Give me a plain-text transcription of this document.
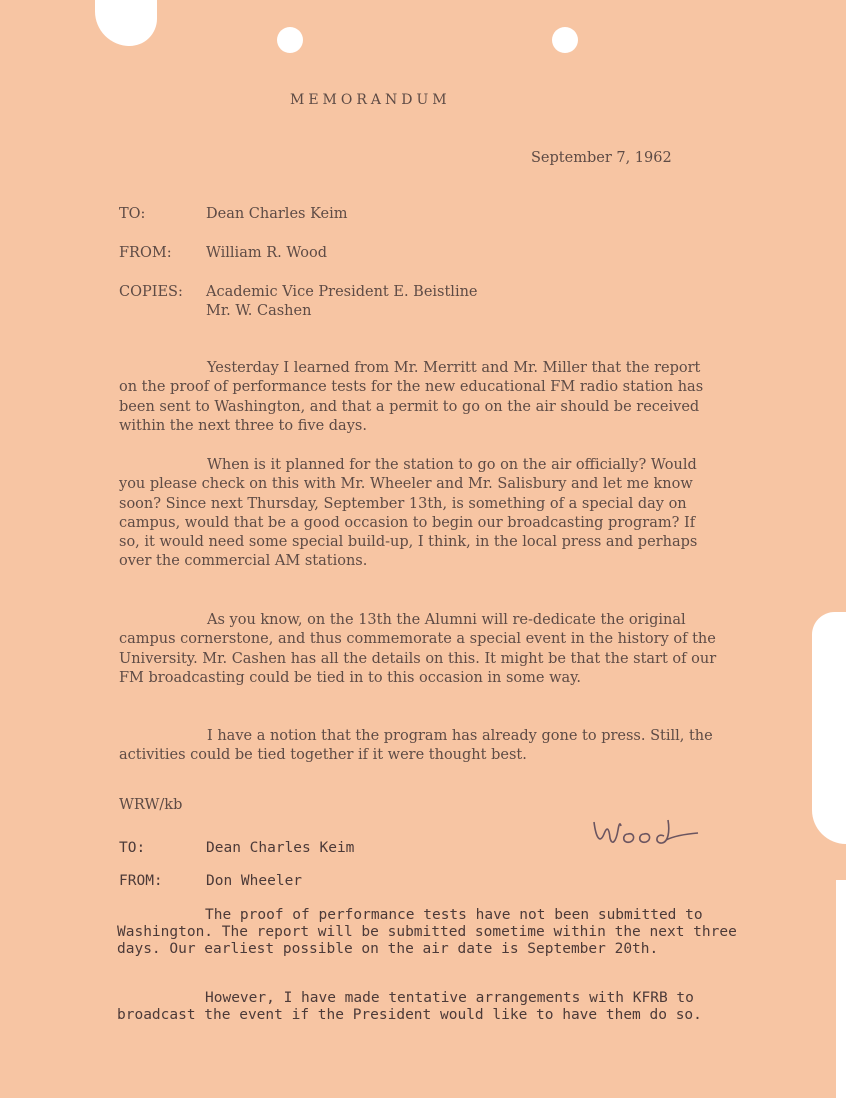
MEMORANDUM
September 7, 1962
TO:	Dean Charles Keim
FROM: William R. Wood
COPIES: Academic Vice President E. Beistline
Mr. W. Cashen
Yesterday I learned from Mr. Merritt and Mr. Miller that the report on the proof of performance tests for the new educational FM radio station has been sent to Washington, and that a permit to go on the air should be received within the next three to five days.
When is it planned for the station to go on the air officially? Would you please check on this with Mr. Wheeler and Mr. Salisbury and let me know soon? Since next Thursday, September 13th, is something of a special day on campus, would that be a good occasion to begin our broadcasting program? If so, it would need some special build-up, I think, in the local press and perhaps over the commercial AM stations.
As you know, on the 13th the Alumni will re-dedicate the original campus cornerstone, and thus commemorate a special event in the history of the University. Mr. Cashen has all the details on this. It might be that the start of our FM broadcasting could be tied in to this occasion in some way.
I have a notion that the program has already gone to press. Still, the activities could be tied together if it were thought best.
WRW/kb
TO:	Dean Charles Keim
FROM:	Don Wheeler
The proof of performance tests have not been submitted to Washington. The report will be submitted sometime within the next three days. Our earliest possible on the air date is September 20th.
However, I have made tentative arrangements with KFRB to broadcast the event if the President would like to have them do so.
